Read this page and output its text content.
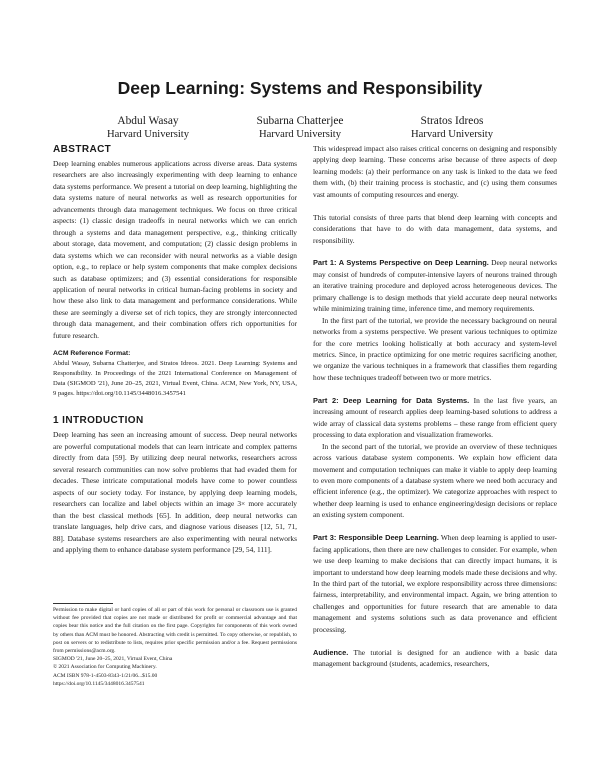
Deep Learning: Systems and Responsibility
Abdul Wasay
Harvard University
Subarna Chatterjee
Harvard University
Stratos Idreos
Harvard University
ABSTRACT

Deep learning enables numerous applications across diverse areas. Data systems researchers are also increasingly experimenting with deep learning to enhance data systems performance. We present a tutorial on deep learning, highlighting the data systems nature of neural networks as well as research opportunities for advancements through data management techniques. We focus on three critical aspects: (1) classic design tradeoffs in neural networks which we can enrich through a systems and data management perspective, e.g., thinking critically about storage, data movement, and computation; (2) classic design problems in data systems which we can reconsider with neural networks as a viable design option, e.g., to replace or help system components that make complex decisions such as database optimizers; and (3) essential considerations for responsible application of neural networks in critical human-facing problems in society and how these also link to data management and performance considerations. While these are seemingly a diverse set of rich topics, they are strongly interconnected through data management, and their combination offers rich opportunities for future research.

ACM Reference Format:

Abdul Wasay, Subarna Chatterjee, and Stratos Idreos. 2021. Deep Learning: Systems and Responsibility. In Proceedings of the 2021 International Conference on Management of Data (SIGMOD '21), June 20–25, 2021, Virtual Event, China. ACM, New York, NY, USA, 9 pages. https://doi.org/10.1145/3448016.3457541

1 INTRODUCTION

Deep learning has seen an increasing amount of success. Deep neural networks are powerful computational models that can learn intricate and complex patterns directly from data [59]. By utilizing deep neural networks, researchers across several research communities can now solve problems that had evaded them for decades. These intricate computational models have come to power countless aspects of our society today. For instance, by applying deep learning models, researchers can localize and label objects within an image 3× more accurately than the best classical methods [65]. In addition, deep neural networks can translate languages, help drive cars, and diagnose various diseases [12, 51, 71, 88]. Database systems researchers are also experimenting with neural networks and applying them to enhance database system performance [29, 54, 111].

Permission to make digital or hard copies of all or part of this work for personal or classroom use is granted without fee provided that copies are not made or distributed for profit or commercial advantage and that copies bear this notice and the full citation on the first page. Copyrights for components of this work owned by others than ACM must be honored. Abstracting with credit is permitted. To copy otherwise, or republish, to post on servers or to redistribute to lists, requires prior specific permission and/or a fee. Request permissions from permissions@acm.org.
SIGMOD '21, June 20–25, 2021, Virtual Event, China
© 2021 Association for Computing Machinery.
ACM ISBN 978-1-4503-8343-1/21/06...$15.00
https://doi.org/10.1145/3448016.3457541

This widespread impact also raises critical concerns on designing and responsibly applying deep learning. These concerns arise because of three aspects of deep learning models: (a) their performance on any task is linked to the data we feed them with, (b) their training process is stochastic, and (c) using them consumes vast amounts of computing resources and energy.

This tutorial consists of three parts that blend deep learning with concepts and considerations that have to do with data management, data systems, and responsibility.

Part 1: A Systems Perspective on Deep Learning. Deep neural networks may consist of hundreds of computer-intensive layers of neurons trained through an iterative training procedure and deployed across heterogeneous devices. The primary challenge is to design methods that yield accurate deep neural networks while minimizing training time, inference time, and memory requirements.

In the first part of the tutorial, we provide the necessary background on neural networks from a systems perspective. We present various techniques to optimize for the core metrics looking holistically at both accuracy and system-level metrics. Since, in practice optimizing for one metric requires sacrificing another, we organize the various techniques in a framework that classifies them regarding how these techniques tradeoff between two or more metrics.

Part 2: Deep Learning for Data Systems. In the last five years, an increasing amount of research applies deep learning-based solutions to address a wide array of classical data systems problems – these range from efficient query processing to data exploration and visualization frameworks.

In the second part of the tutorial, we provide an overview of these techniques across various database system components. We explain how efficient data movement and computation techniques can make it viable to apply deep learning to even more components of a database system where we need both accuracy and efficient inference (e.g., the optimizer). We categorize approaches with respect to whether deep learning is used to enhance engineering/design decisions or replace an existing system component.

Part 3: Responsible Deep Learning. When deep learning is applied to user-facing applications, then there are new challenges to consider. For example, when we use deep learning to make decisions that can directly impact humans, it is important to understand how deep learning models made these decisions and why. In the third part of the tutorial, we explore responsibility across three dimensions: fairness, interpretability, and environmental impact. Again, we bring attention to challenges and opportunities for future research that are amenable to data management and systems solutions such as data provenance and efficient processing.

Audience. The tutorial is designed for an audience with a basic data management background (students, academics, researchers,
